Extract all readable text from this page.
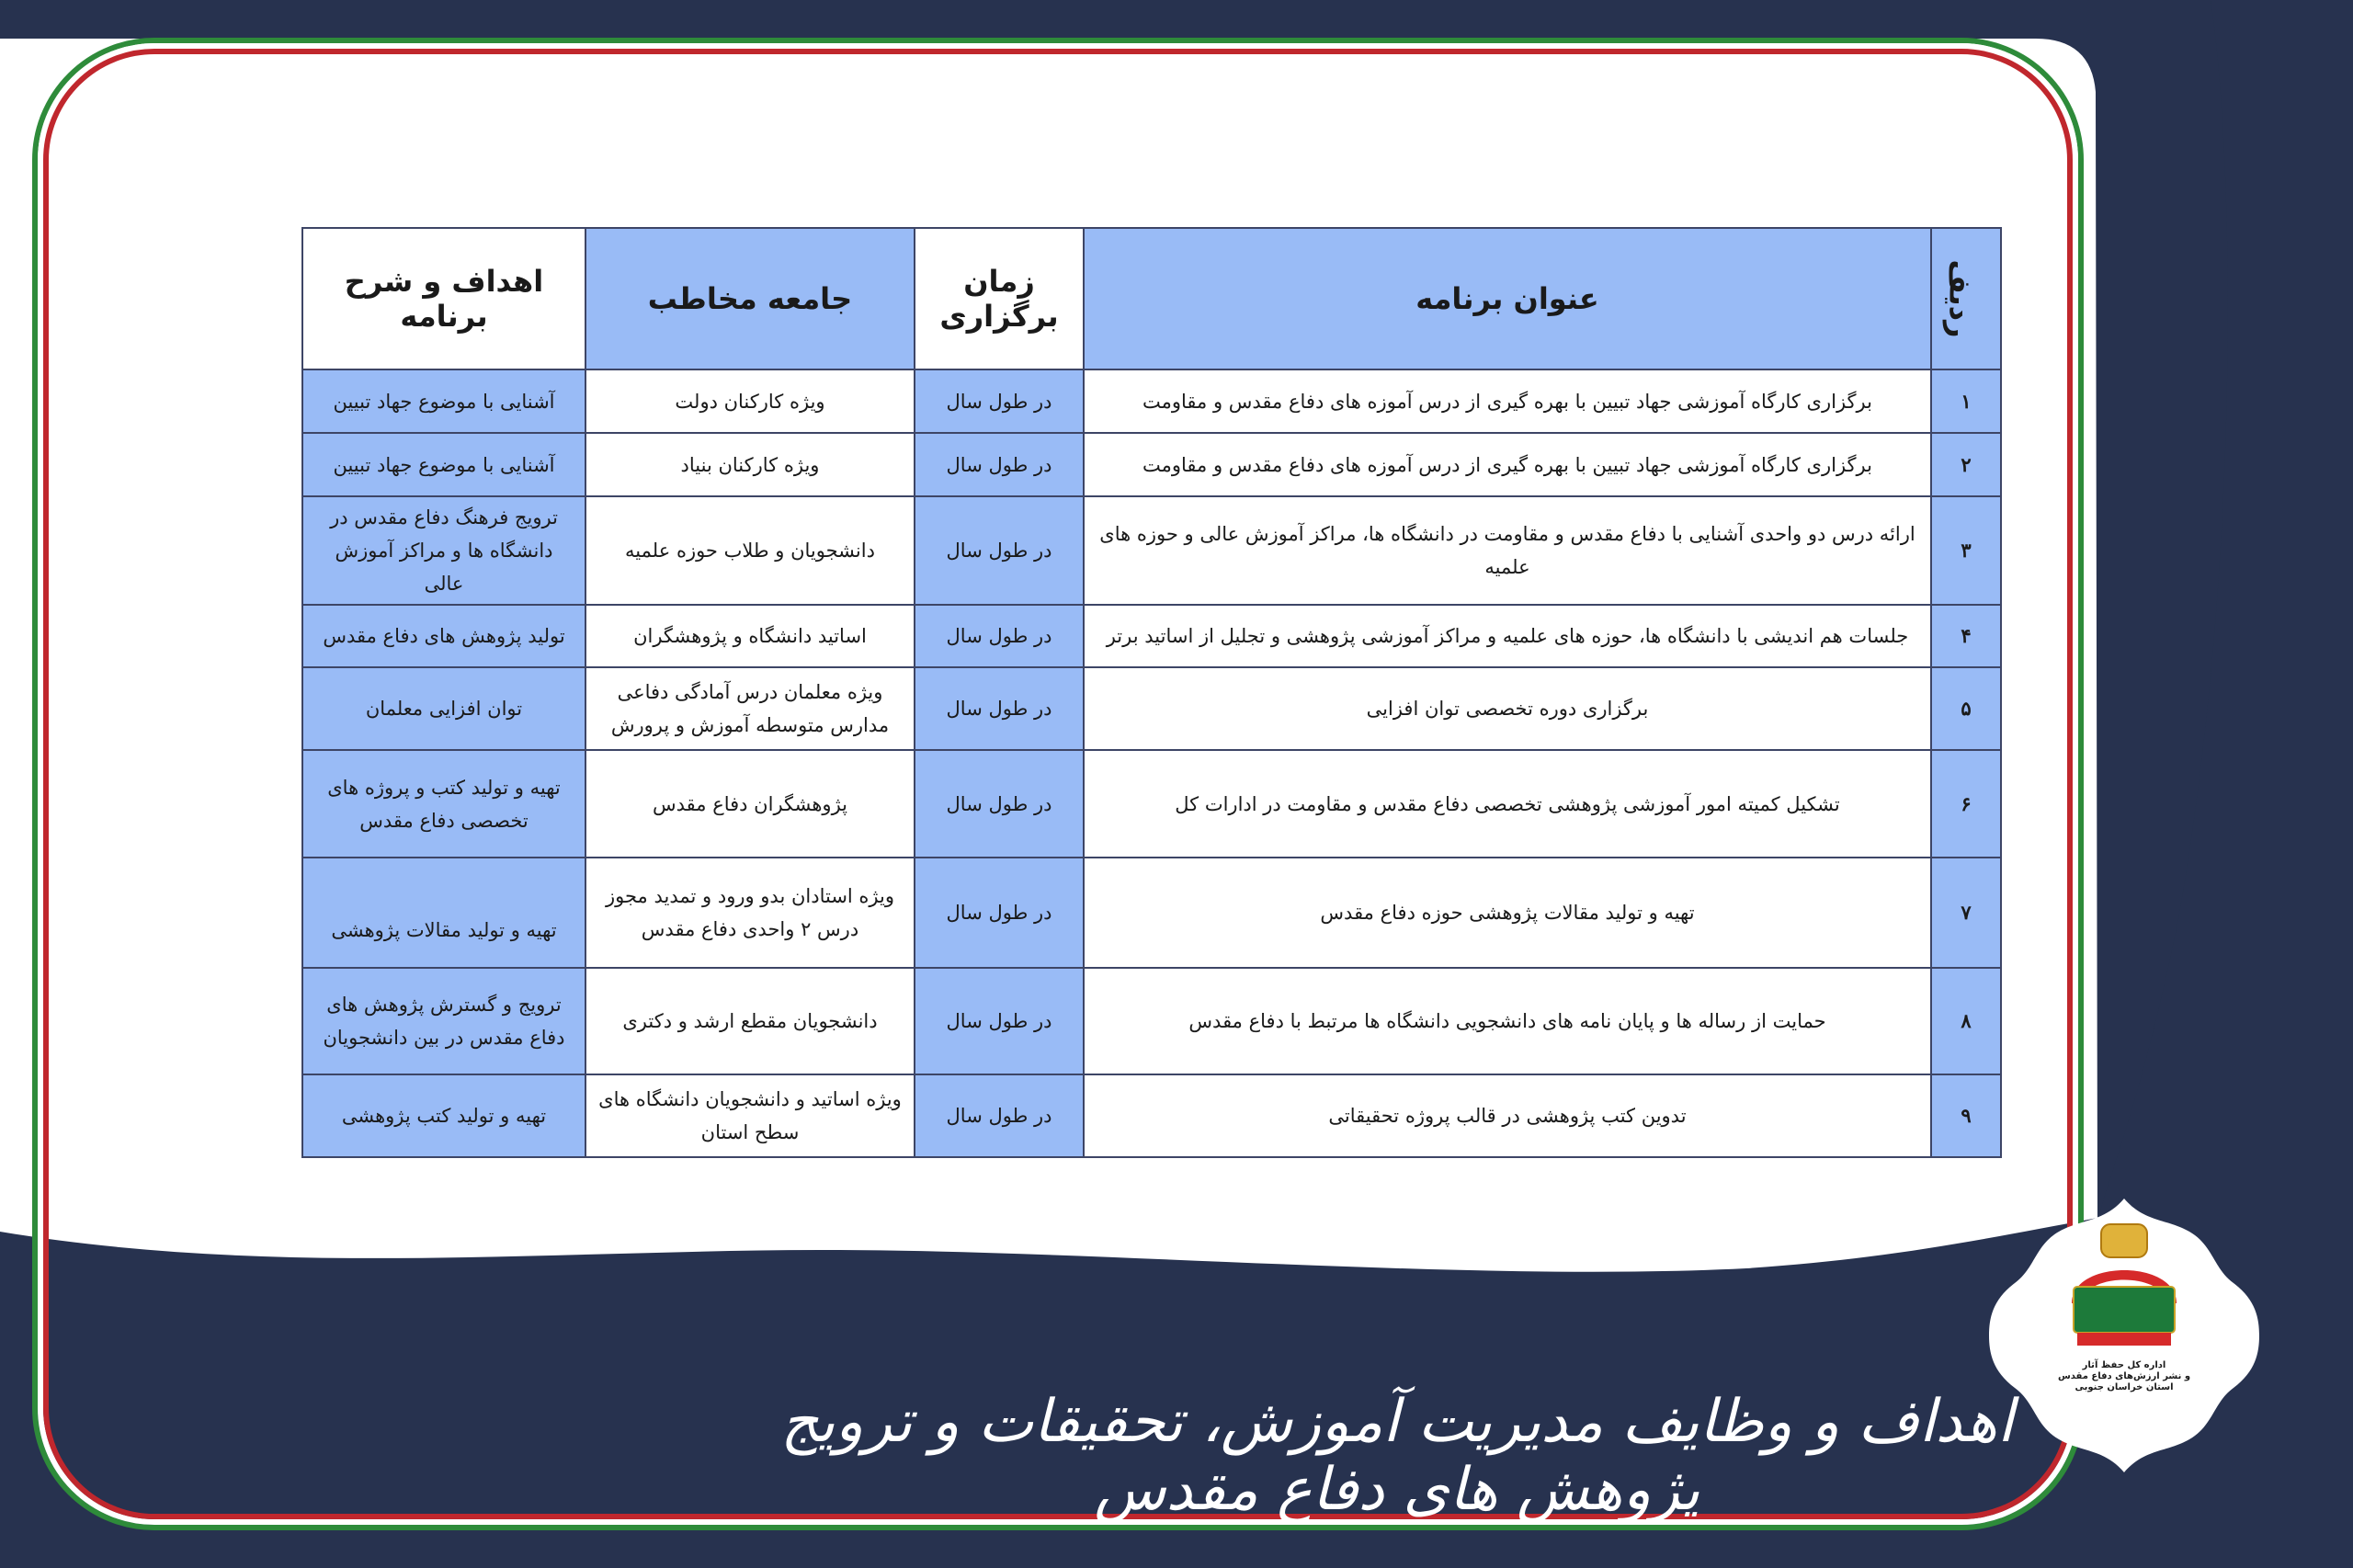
ردیف	عنوان برنامه	زمان برگزاری	جامعه مخاطب	اهداف و شرح برنامه
۱	برگزاری کارگاه آموزشی جهاد تبیین با بهره گیری از درس آموزه های دفاع مقدس و مقاومت	در طول سال	ویژه کارکنان دولت	آشنایی با موضوع جهاد تبیین
۲	برگزاری کارگاه آموزشی جهاد تبیین با بهره گیری از درس آموزه های دفاع مقدس و مقاومت	در طول سال	ویژه کارکنان بنیاد	آشنایی با موضوع جهاد تبیین
۳	ارائه درس دو واحدی آشنایی با دفاع مقدس و مقاومت در دانشگاه ها، مراکز آموزش عالی و حوزه های علمیه	در طول سال	دانشجویان و طلاب حوزه علمیه	ترویج فرهنگ دفاع مقدس در دانشگاه ها و مراکز آموزش عالی
۴	جلسات هم اندیشی با دانشگاه ها، حوزه های علمیه و مراکز آموزشی پژوهشی و تجلیل از اساتید برتر	در طول سال	اساتید دانشگاه و پژوهشگران	تولید پژوهش های دفاع مقدس
۵	برگزاری دوره تخصصی توان افزایی	در طول سال	ویژه معلمان درس آمادگی دفاعی مدارس متوسطه آموزش و پرورش	توان افزایی معلمان
۶	تشکیل کمیته امور آموزشی پژوهشی تخصصی دفاع مقدس و مقاومت در ادارات کل	در طول سال	پژوهشگران دفاع مقدس	تهیه و تولید کتب و پروژه های تخصصی دفاع مقدس
۷	تهیه و تولید مقالات پژوهشی حوزه دفاع مقدس	در طول سال	ویژه استادان بدو ورود و تمدید مجوز درس ۲ واحدی دفاع مقدس	تهیه و تولید مقالات پژوهشی
۸	حمایت از رساله ها و پایان نامه های دانشجویی دانشگاه ها مرتبط با دفاع مقدس	در طول سال	دانشجویان مقطع ارشد و دکتری	ترویج و گسترش پژوهش های دفاع مقدس در بین دانشجویان
۹	تدوین کتب پژوهشی در قالب پروژه تحقیقاتی	در طول سال	ویژه اساتید و دانشجویان دانشگاه های سطح استان	تهیه و تولید کتب پژوهشی
اهداف و وظایف مدیریت آموزش، تحقیقات و ترویج پژوهش های دفاع مقدس
اداره کل حفظ آثار
و نشر ارزش‌های دفاع مقدس
استان خراسان جنوبی
